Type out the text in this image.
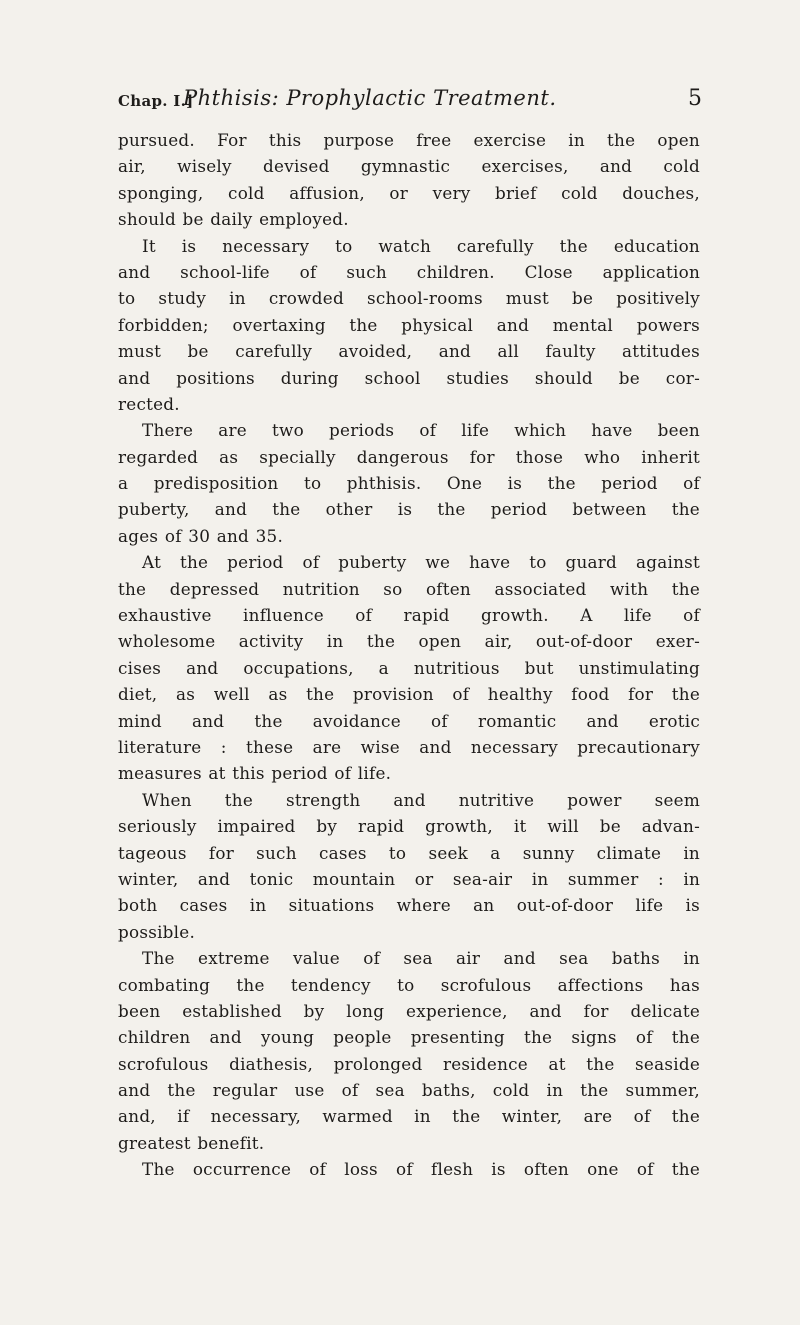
Chap. I.]
Phthisis: Prophylactic Treatment.	5
pursued. For this purpose free exercise in the open
air, wisely devised gymnastic exercises, and cold
sponging, cold affusion, or very brief cold douches,
should be daily employed.
It is necessary to watch carefully the education
and school-life of such children. Close application
to study in crowded school-rooms must be positively
forbidden; overtaxing the physical and mental powers
must be carefully avoided, and all faulty attitudes
and positions during school studies should be cor-
rected.
There are two periods of life which have been
regarded as specially dangerous for those who inherit
a predisposition to phthisis. One is the period of
puberty, and the other is the period between the
ages of 30 and 35.
At the period of puberty we have to guard against
the depressed nutrition so often associated with the
exhaustive influence of rapid growth. A life of
wholesome activity in the open air, out-of-door exer-
cises and occupations, a nutritious but unstimulating
diet, as well as the provision of healthy food for the
mind and the avoidance of romantic and erotic
literature : these are wise and necessary precautionary
measures at this period of life.
When the strength and nutritive power seem
seriously impaired by rapid growth, it will be advan-
tageous for such cases to seek a sunny climate in
winter, and tonic mountain or sea-air in summer : in
both cases in situations where an out-of-door life is
possible.
The extreme value of sea air and sea baths in
combating the tendency to scrofulous affections has
been established by long experience, and for delicate
children and young people presenting the signs of the
scrofulous diathesis, prolonged residence at the seaside
and the regular use of sea baths, cold in the summer,
and, if necessary, warmed in the winter, are of the
greatest benefit.
The occurrence of loss of flesh is often one of the
